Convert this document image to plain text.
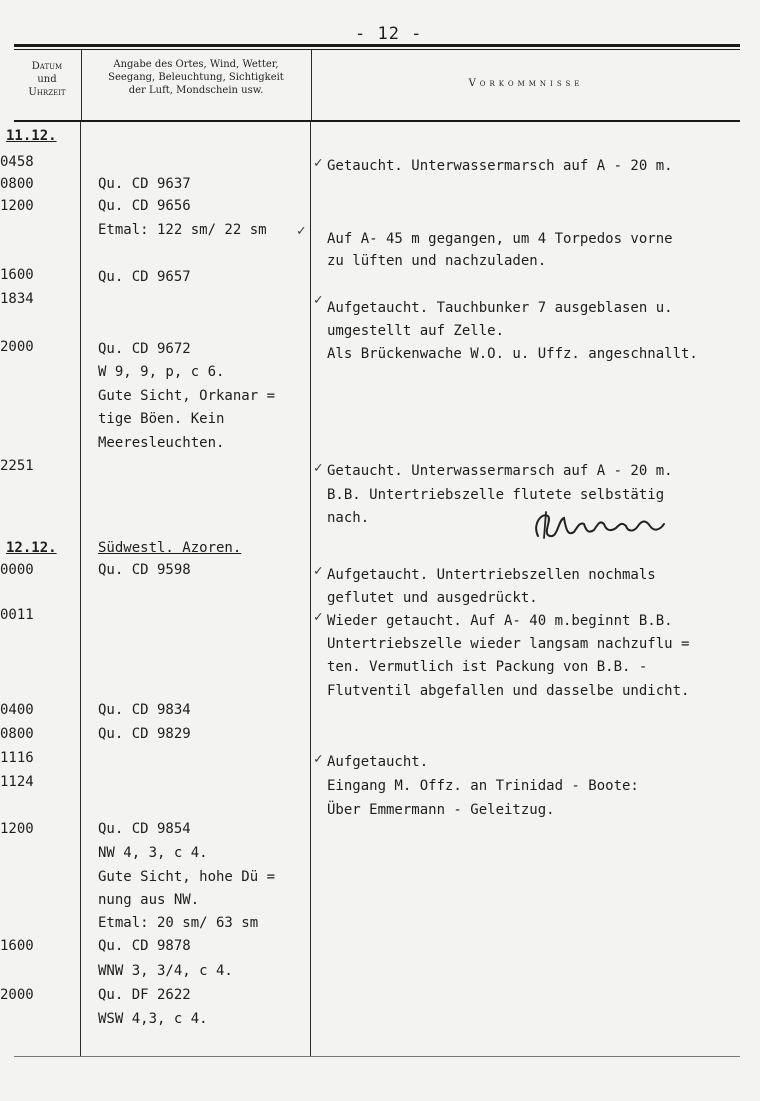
- 12 -
Datum
und
Uhrzeit
Angabe des Ortes, Wind, Wetter,
Seegang, Beleuchtung, Sichtigkeit
der Luft, Mondschein usw.
Vorkommnisse
11.12.
12.12.
0458
0800
1200
1600
1834
2000
2251
0000
0011
0400
0800
1116
1124
1200
1600
2000
Qu. CD 9637
Qu. CD 9656
Etmal: 122 sm/ 22 sm
Qu. CD 9657
Qu. CD 9672
W 9, 9, p, c 6.
Gute Sicht, Orkanar =
tige Böen. Kein
Meeresleuchten.
Südwestl. Azoren.
Qu. CD 9598
Qu. CD 9834
Qu. CD 9829
Qu. CD 9854
NW 4, 3, c 4.
Gute Sicht, hohe Dü =
nung aus NW.
Etmal: 20 sm/ 63 sm
Qu. CD 9878
WNW 3, 3/4, c 4.
Qu. DF 2622
WSW 4,3, c 4.
✓
✓
✓
✓
✓
✓
✓
Getaucht. Unterwassermarsch auf A - 20 m.
Auf A- 45 m gegangen, um 4 Torpedos vorne
zu lüften und nachzuladen.
Aufgetaucht. Tauchbunker 7 ausgeblasen u.
umgestellt auf Zelle.
Als Brückenwache W.O. u. Uffz. angeschnallt.
Getaucht. Unterwassermarsch auf A - 20 m.
B.B. Untertriebszelle flutete selbstätig
nach.
Aufgetaucht. Untertriebszellen nochmals
geflutet und ausgedrückt.
Wieder getaucht. Auf A- 40 m.beginnt B.B.
Untertriebszelle wieder langsam nachzuflu =
ten. Vermutlich ist Packung von B.B. -
Flutventil abgefallen und dasselbe undicht.
Aufgetaucht.
Eingang M. Offz. an Trinidad - Boote:
Über Emmermann - Geleitzug.
